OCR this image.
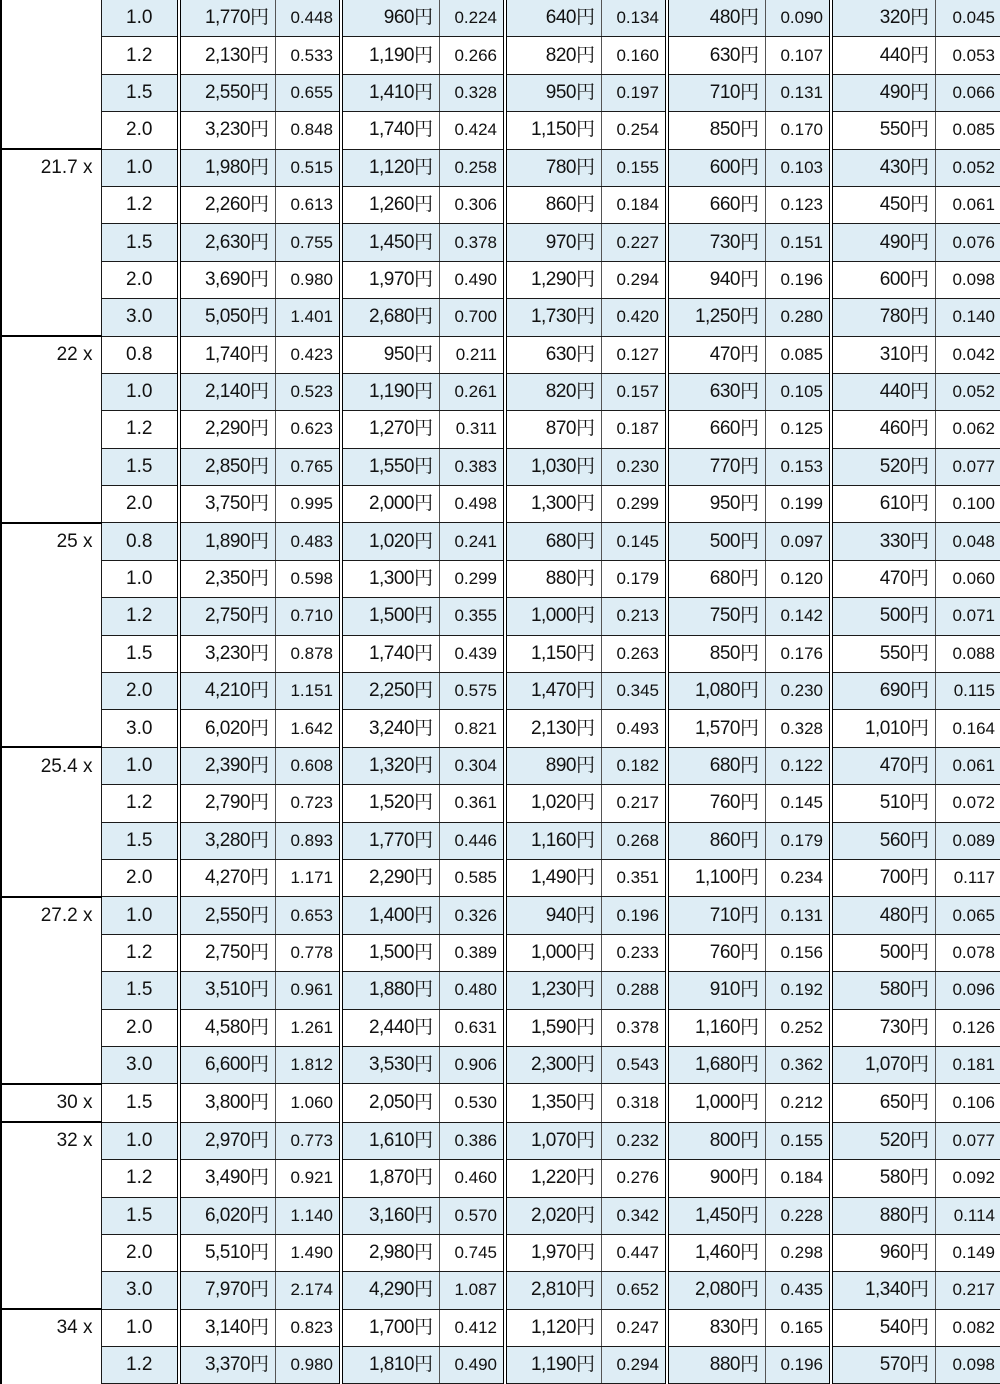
	1.0	1,770円	0.448	960円	0.224	640円	0.134	480円	0.090	320円	0.045
	1.2	2,130円	0.533	1,190円	0.266	820円	0.160	630円	0.107	440円	0.053
	1.5	2,550円	0.655	1,410円	0.328	950円	0.197	710円	0.131	490円	0.066
	2.0	3,230円	0.848	1,740円	0.424	1,150円	0.254	850円	0.170	550円	0.085
21.7 x	1.0	1,980円	0.515	1,120円	0.258	780円	0.155	600円	0.103	430円	0.052
	1.2	2,260円	0.613	1,260円	0.306	860円	0.184	660円	0.123	450円	0.061
	1.5	2,630円	0.755	1,450円	0.378	970円	0.227	730円	0.151	490円	0.076
	2.0	3,690円	0.980	1,970円	0.490	1,290円	0.294	940円	0.196	600円	0.098
	3.0	5,050円	1.401	2,680円	0.700	1,730円	0.420	1,250円	0.280	780円	0.140
22 x	0.8	1,740円	0.423	950円	0.211	630円	0.127	470円	0.085	310円	0.042
	1.0	2,140円	0.523	1,190円	0.261	820円	0.157	630円	0.105	440円	0.052
	1.2	2,290円	0.623	1,270円	0.311	870円	0.187	660円	0.125	460円	0.062
	1.5	2,850円	0.765	1,550円	0.383	1,030円	0.230	770円	0.153	520円	0.077
	2.0	3,750円	0.995	2,000円	0.498	1,300円	0.299	950円	0.199	610円	0.100
25 x	0.8	1,890円	0.483	1,020円	0.241	680円	0.145	500円	0.097	330円	0.048
	1.0	2,350円	0.598	1,300円	0.299	880円	0.179	680円	0.120	470円	0.060
	1.2	2,750円	0.710	1,500円	0.355	1,000円	0.213	750円	0.142	500円	0.071
	1.5	3,230円	0.878	1,740円	0.439	1,150円	0.263	850円	0.176	550円	0.088
	2.0	4,210円	1.151	2,250円	0.575	1,470円	0.345	1,080円	0.230	690円	0.115
	3.0	6,020円	1.642	3,240円	0.821	2,130円	0.493	1,570円	0.328	1,010円	0.164
25.4 x	1.0	2,390円	0.608	1,320円	0.304	890円	0.182	680円	0.122	470円	0.061
	1.2	2,790円	0.723	1,520円	0.361	1,020円	0.217	760円	0.145	510円	0.072
	1.5	3,280円	0.893	1,770円	0.446	1,160円	0.268	860円	0.179	560円	0.089
	2.0	4,270円	1.171	2,290円	0.585	1,490円	0.351	1,100円	0.234	700円	0.117
27.2 x	1.0	2,550円	0.653	1,400円	0.326	940円	0.196	710円	0.131	480円	0.065
	1.2	2,750円	0.778	1,500円	0.389	1,000円	0.233	760円	0.156	500円	0.078
	1.5	3,510円	0.961	1,880円	0.480	1,230円	0.288	910円	0.192	580円	0.096
	2.0	4,580円	1.261	2,440円	0.631	1,590円	0.378	1,160円	0.252	730円	0.126
	3.0	6,600円	1.812	3,530円	0.906	2,300円	0.543	1,680円	0.362	1,070円	0.181
30 x	1.5	3,800円	1.060	2,050円	0.530	1,350円	0.318	1,000円	0.212	650円	0.106
32 x	1.0	2,970円	0.773	1,610円	0.386	1,070円	0.232	800円	0.155	520円	0.077
	1.2	3,490円	0.921	1,870円	0.460	1,220円	0.276	900円	0.184	580円	0.092
	1.5	6,020円	1.140	3,160円	0.570	2,020円	0.342	1,450円	0.228	880円	0.114
	2.0	5,510円	1.490	2,980円	0.745	1,970円	0.447	1,460円	0.298	960円	0.149
	3.0	7,970円	2.174	4,290円	1.087	2,810円	0.652	2,080円	0.435	1,340円	0.217
34 x	1.0	3,140円	0.823	1,700円	0.412	1,120円	0.247	830円	0.165	540円	0.082
	1.2	3,370円	0.980	1,810円	0.490	1,190円	0.294	880円	0.196	570円	0.098
